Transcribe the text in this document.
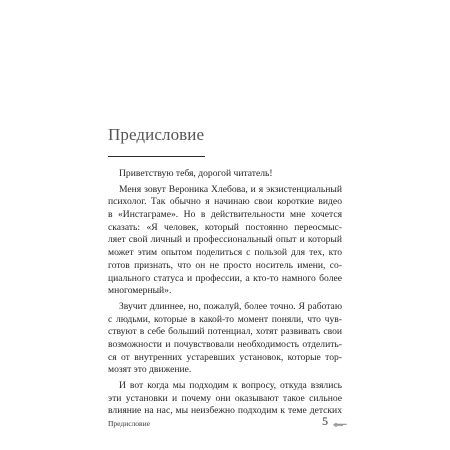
Предисловие
Приветствую тебя, дорогой читатель!
Меня зовут Вероника Хлебова, и я экзистенциальный
психолог. Так обычно я начинаю свои короткие видео
в «Инстаграме». Но в действительности мне хочется
сказать: «Я человек, который постоянно переосмыс-
ляет свой личный и профессиональный опыт и который
может этим опытом поделиться с пользой для тех, кто
готов признать, что он не просто носитель имени, со-
циального статуса и профессии, а кто-то намного более
многомерный».
Звучит длиннее, но, пожалуй, более точно. Я работаю
с людьми, которые в какой-то момент поняли, что чув-
ствуют в себе больший потенциал, хотят развивать свои
возможности и почувствовали необходимость отделить-
ся от внутренних устаревших установок, которые тор-
мозят это движение.
И вот когда мы подходим к вопросу, откуда взялись
эти установки и почему они оказывают такое сильное
влияние на нас, мы неизбежно подходим к теме детских
Предисловие	5
